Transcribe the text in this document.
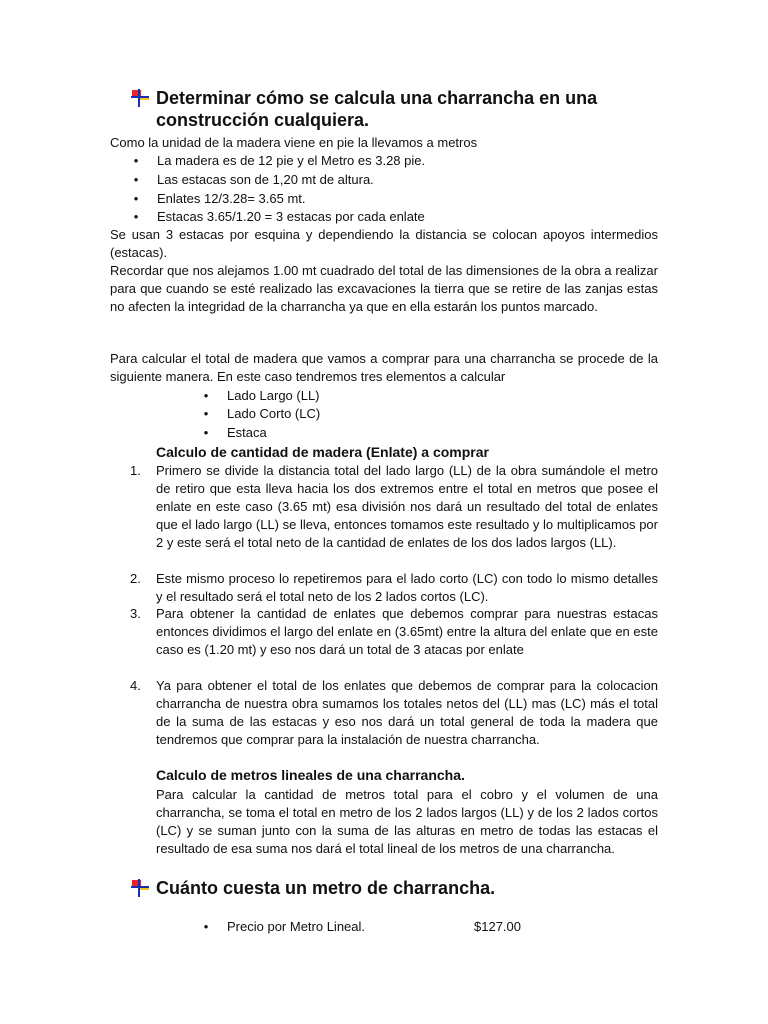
Determinar cómo se calcula una charrancha en una construcción cualquiera.
Como la unidad de la madera viene en pie la llevamos a metros
• La madera es de 12 pie y el Metro es 3.28 pie.
• Las estacas son de 1,20 mt de altura.
• Enlates 12/3.28= 3.65 mt.
• Estacas 3.65/1.20 = 3 estacas por cada enlate
Se usan 3 estacas por esquina y dependiendo la distancia se colocan apoyos intermedios (estacas).
Recordar que nos alejamos 1.00 mt cuadrado del total de las dimensiones de la obra a realizar para que cuando se esté realizado las excavaciones la tierra que se retire de las zanjas estas no afecten la integridad de la charrancha ya que en ella estarán los puntos marcado.
Para calcular el total de madera que vamos a comprar para una charrancha se procede de la siguiente manera. En este caso tendremos tres elementos a calcular
• Lado Largo (LL)
• Lado Corto (LC)
• Estaca
Calculo de cantidad de madera (Enlate) a comprar
1. Primero se divide la distancia total del lado largo (LL) de la obra sumándole el metro de retiro que esta lleva hacia los dos extremos entre el total en metros que posee el enlate en este caso (3.65 mt) esa división nos dará un resultado del total de enlates que el lado largo (LL) se lleva, entonces tomamos este resultado y lo multiplicamos por 2 y este será el total neto de la cantidad de enlates de los dos lados largos (LL).
2. Este mismo proceso lo repetiremos para el lado corto (LC) con todo lo mismo detalles y el resultado será el total neto de los 2 lados cortos (LC).
3. Para obtener la cantidad de enlates que debemos comprar para nuestras estacas entonces dividimos el largo del enlate en (3.65mt) entre la altura del enlate que en este caso es (1.20 mt) y eso nos dará un total de 3 atacas por enlate
4. Ya para obtener el total de los enlates que debemos de comprar para la colocacion charrancha de nuestra obra sumamos los totales netos del (LL) mas (LC) más el total de la suma de las estacas y eso nos dará un total general de toda la madera que tendremos que comprar para la instalación de nuestra charrancha.
Calculo de metros lineales de una charrancha.
Para calcular la cantidad de metros total para el cobro y el volumen de una charrancha, se toma el total en metro de los 2 lados largos (LL) y de los 2 lados cortos (LC) y se suman junto con la suma de las alturas en metro de todas las estacas el resultado de esa suma nos dará el total lineal de los metros de una charrancha.
Cuánto cuesta un metro de charrancha.
• Precio por Metro Lineal.	$127.00
